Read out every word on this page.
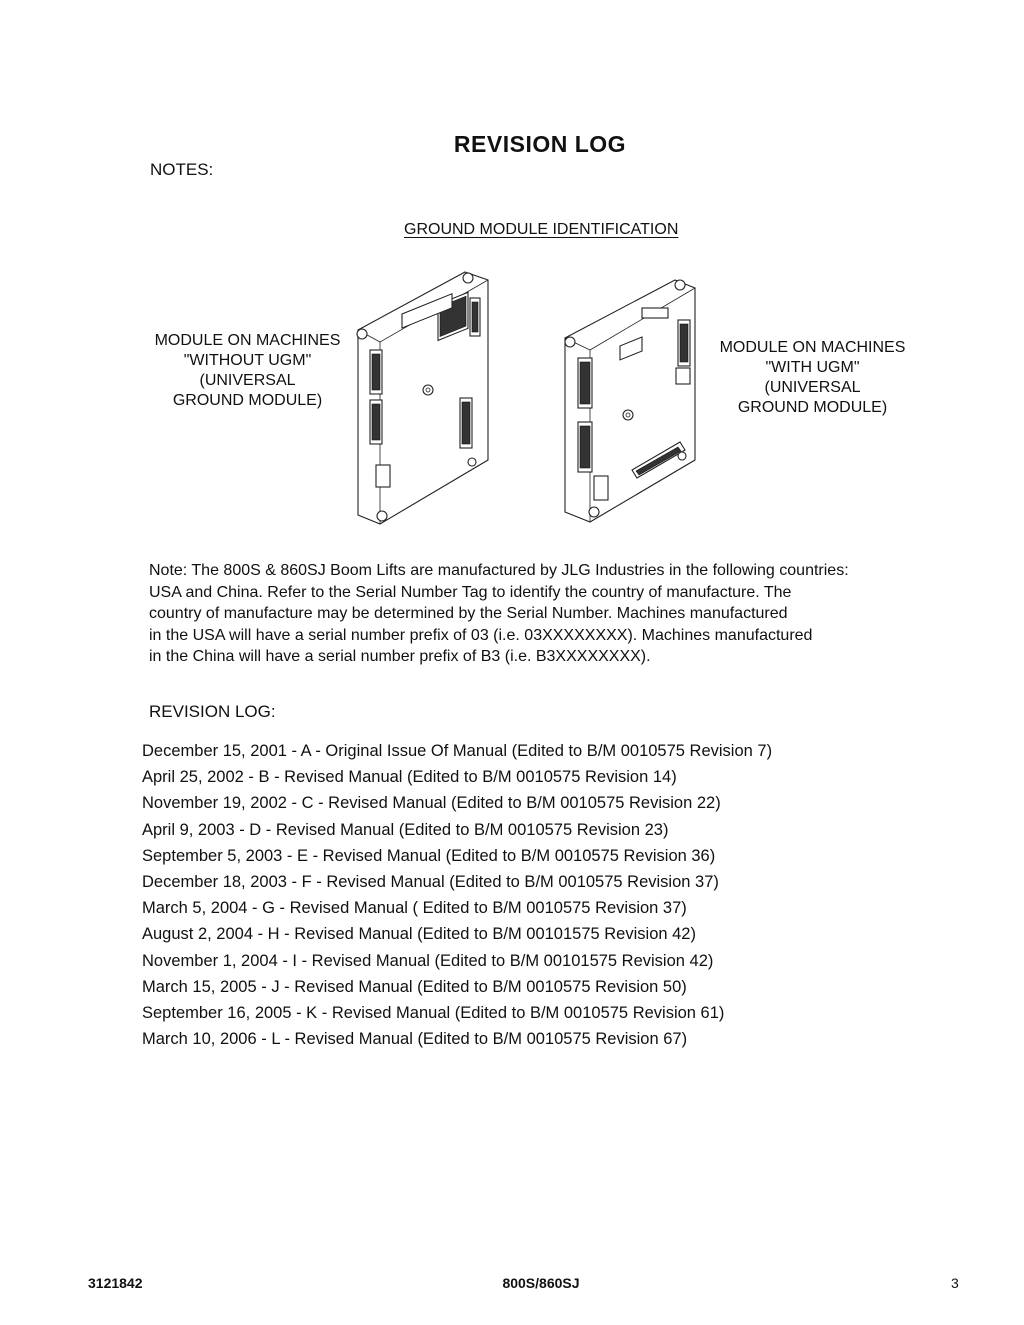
NOTES:
REVISION LOG
GROUND MODULE IDENTIFICATION
MODULE ON MACHINES
"WITHOUT UGM"
(UNIVERSAL
GROUND MODULE)
MODULE ON MACHINES
"WITH UGM"
(UNIVERSAL
GROUND MODULE)
Note: The 800S & 860SJ Boom Lifts are manufactured by JLG Industries in the following countries:
USA and China. Refer to the Serial Number Tag to identify the country of manufacture. The
country of manufacture may be determined by the Serial Number. Machines manufactured
in the USA will have a serial number prefix of 03 (i.e. 03XXXXXXXX). Machines manufactured
in the China will have a serial number prefix of B3 (i.e. B3XXXXXXXX).
REVISION LOG:
December 15, 2001 - A - Original Issue Of Manual (Edited to B/M 0010575 Revision 7)
April 25, 2002 - B - Revised Manual (Edited to B/M 0010575 Revision 14)
November 19, 2002 - C - Revised Manual (Edited to B/M 0010575 Revision 22)
April 9, 2003 - D - Revised Manual (Edited to B/M 0010575 Revision 23)
September 5, 2003 - E - Revised Manual (Edited to B/M 0010575 Revision 36)
December 18, 2003 - F - Revised Manual (Edited to B/M 0010575 Revision 37)
March 5, 2004 - G - Revised Manual ( Edited to B/M 0010575 Revision 37)
August 2, 2004 - H - Revised Manual (Edited to B/M 00101575 Revision 42)
November 1, 2004 - I - Revised Manual (Edited to B/M 00101575 Revision 42)
March 15, 2005 - J - Revised Manual (Edited to B/M 0010575 Revision 50)
September 16, 2005 - K - Revised Manual (Edited to B/M 0010575 Revision 61)
March 10, 2006 - L - Revised Manual (Edited to B/M 0010575 Revision 67)
3121842	800S/860SJ	3
